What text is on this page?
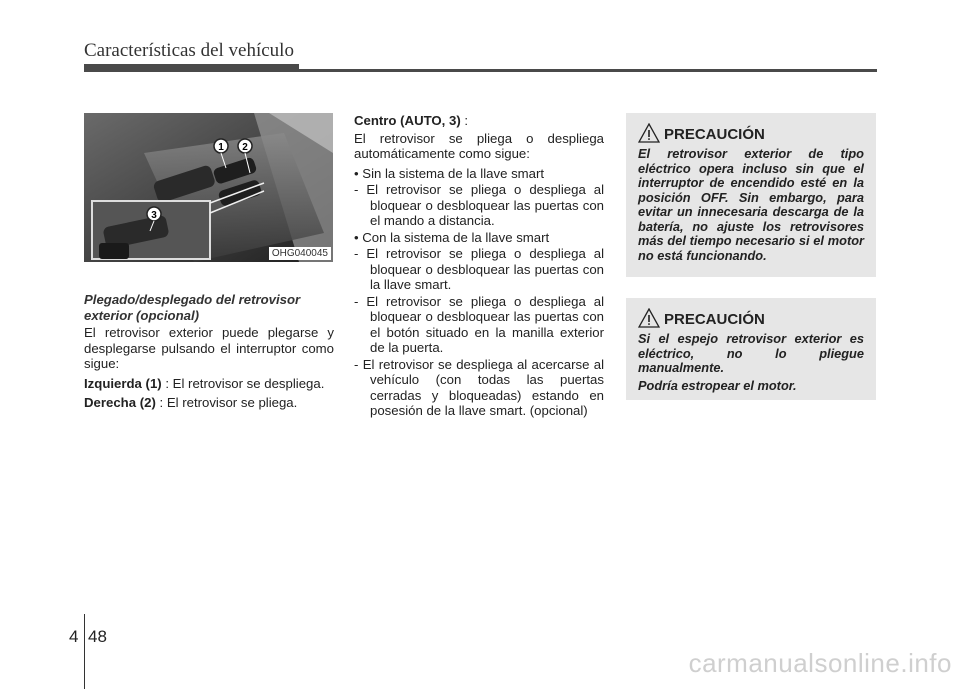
Características del vehículo
1 2
3
OHG040045

Plegado/desplegado del retrovisor
exterior (opcional)

El retrovisor exterior puede plegarse y desplegarse pulsando el interruptor como sigue:

Izquierda (1) : El retrovisor se despliega.

Derecha (2) : El retrovisor se pliega.

Centro (AUTO, 3) :

El retrovisor se pliega o despliega automáticamente como sigue:

• Sin la sistema de la llave smart

- El retrovisor se pliega o despliega al bloquear o desbloquear las puertas con el mando a distancia.

• Con la sistema de la llave smart

- El retrovisor se pliega o despliega al bloquear o desbloquear las puertas con la llave smart.

- El retrovisor se pliega o despliega al bloquear o desbloquear las puertas con el botón situado en la manilla exterior de la puerta.

- El retrovisor se despliega al acercarse al vehículo (con todas las puertas cerradas y bloqueadas) estando en posesión de la llave smart. (opcional)

PRECAUCIÓN

El retrovisor exterior de tipo eléctrico opera incluso sin que el interruptor de encendido esté en la posición OFF. Sin embargo, para evitar un innecesaria descarga de la batería, no ajuste los retrovisores más del tiempo necesario si el motor no está funcionando.

PRECAUCIÓN

Si el espejo retrovisor exterior es eléctrico, no lo pliegue manualmente.

Podría estropear el motor.

4 48
carmanualsonline.info
